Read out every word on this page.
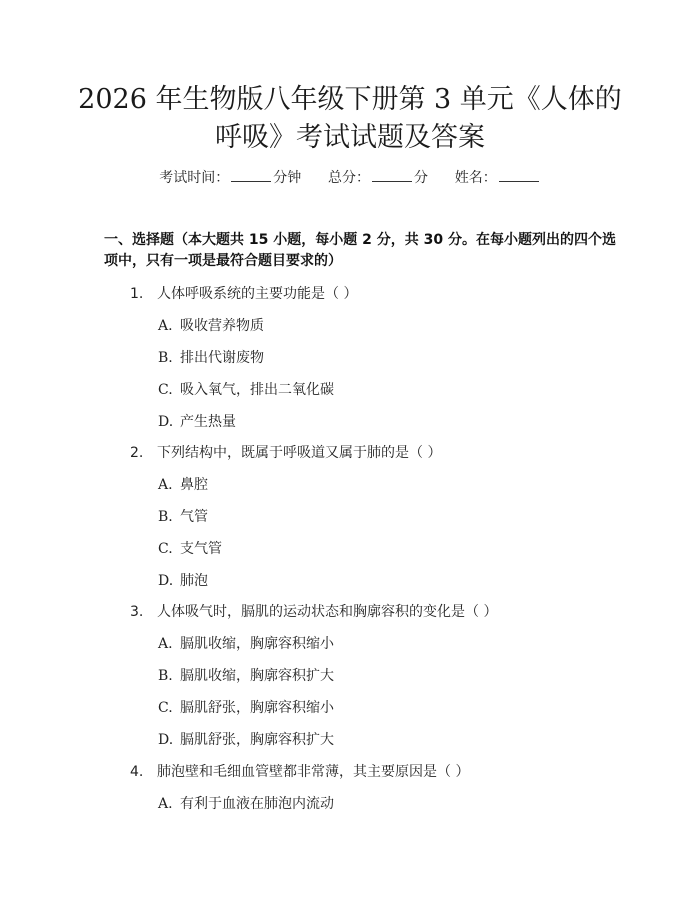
2026 年生物版八年级下册第 3 单元《人体的
呼吸》考试试题及答案
考试时间：	分钟 总分：	分 姓名：
一、选择题（本大题共 15 小题，每小题 2 分，共 30 分。在每小题列出的四个选项中，只有一项是最符合题目要求的）
1. 人体呼吸系统的主要功能是（ ）
A. 吸收营养物质
B. 排出代谢废物
C. 吸入氧气，排出二氧化碳
D. 产生热量
2. 下列结构中，既属于呼吸道又属于肺的是（ ）
A. 鼻腔
B. 气管
C. 支气管
D. 肺泡
3. 人体吸气时，膈肌的运动状态和胸廓容积的变化是（ ）
A. 膈肌收缩，胸廓容积缩小
B. 膈肌收缩，胸廓容积扩大
C. 膈肌舒张，胸廓容积缩小
D. 膈肌舒张，胸廓容积扩大
4. 肺泡壁和毛细血管壁都非常薄，其主要原因是（ ）
A. 有利于血液在肺泡内流动
